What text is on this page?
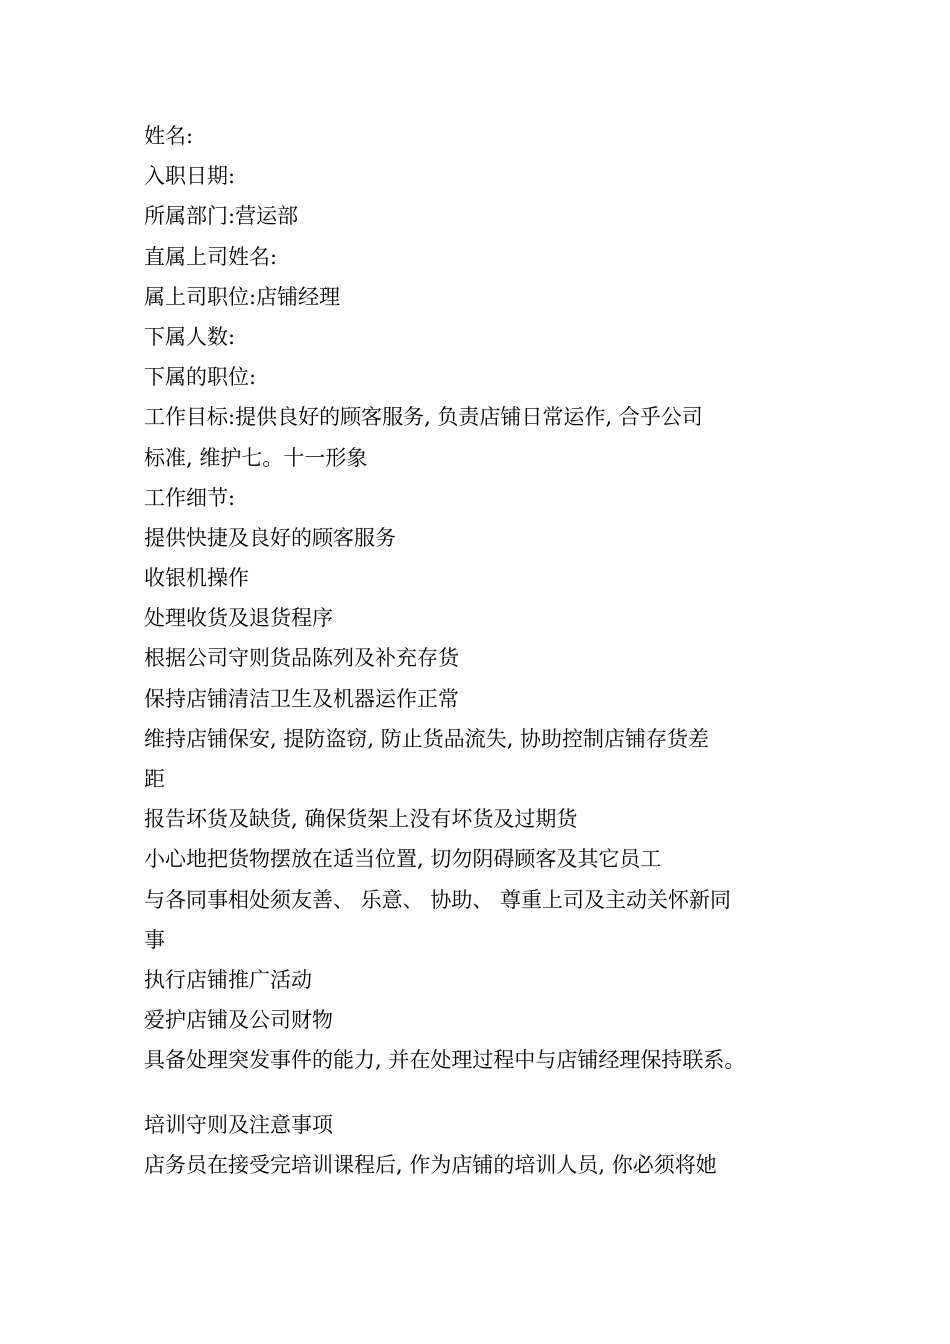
姓名:

入职日期:

所属部门:营运部

直属上司姓名:

属上司职位:店铺经理

下属人数:

下属的职位:

工作目标:提供良好的顾客服务, 负责店铺日常运作, 合乎公司

标准, 维护七。十一形象

工作细节:

提供快捷及良好的顾客服务

收银机操作

处理收货及退货程序

根据公司守则货品陈列及补充存货

保持店铺清洁卫生及机器运作正常

维持店铺保安, 提防盗窃, 防止货品流失, 协助控制店铺存货差

距

报告坏货及缺货, 确保货架上没有坏货及过期货

小心地把货物摆放在适当位置, 切勿阴碍顾客及其它员工

与各同事相处须友善、 乐意、 协助、 尊重上司及主动关怀新同

事

执行店铺推广活动

爱护店铺及公司财物

具备处理突发事件的能力, 并在处理过程中与店铺经理保持联系。

培训守则及注意事项

店务员在接受完培训课程后, 作为店铺的培训人员, 你必须将她
